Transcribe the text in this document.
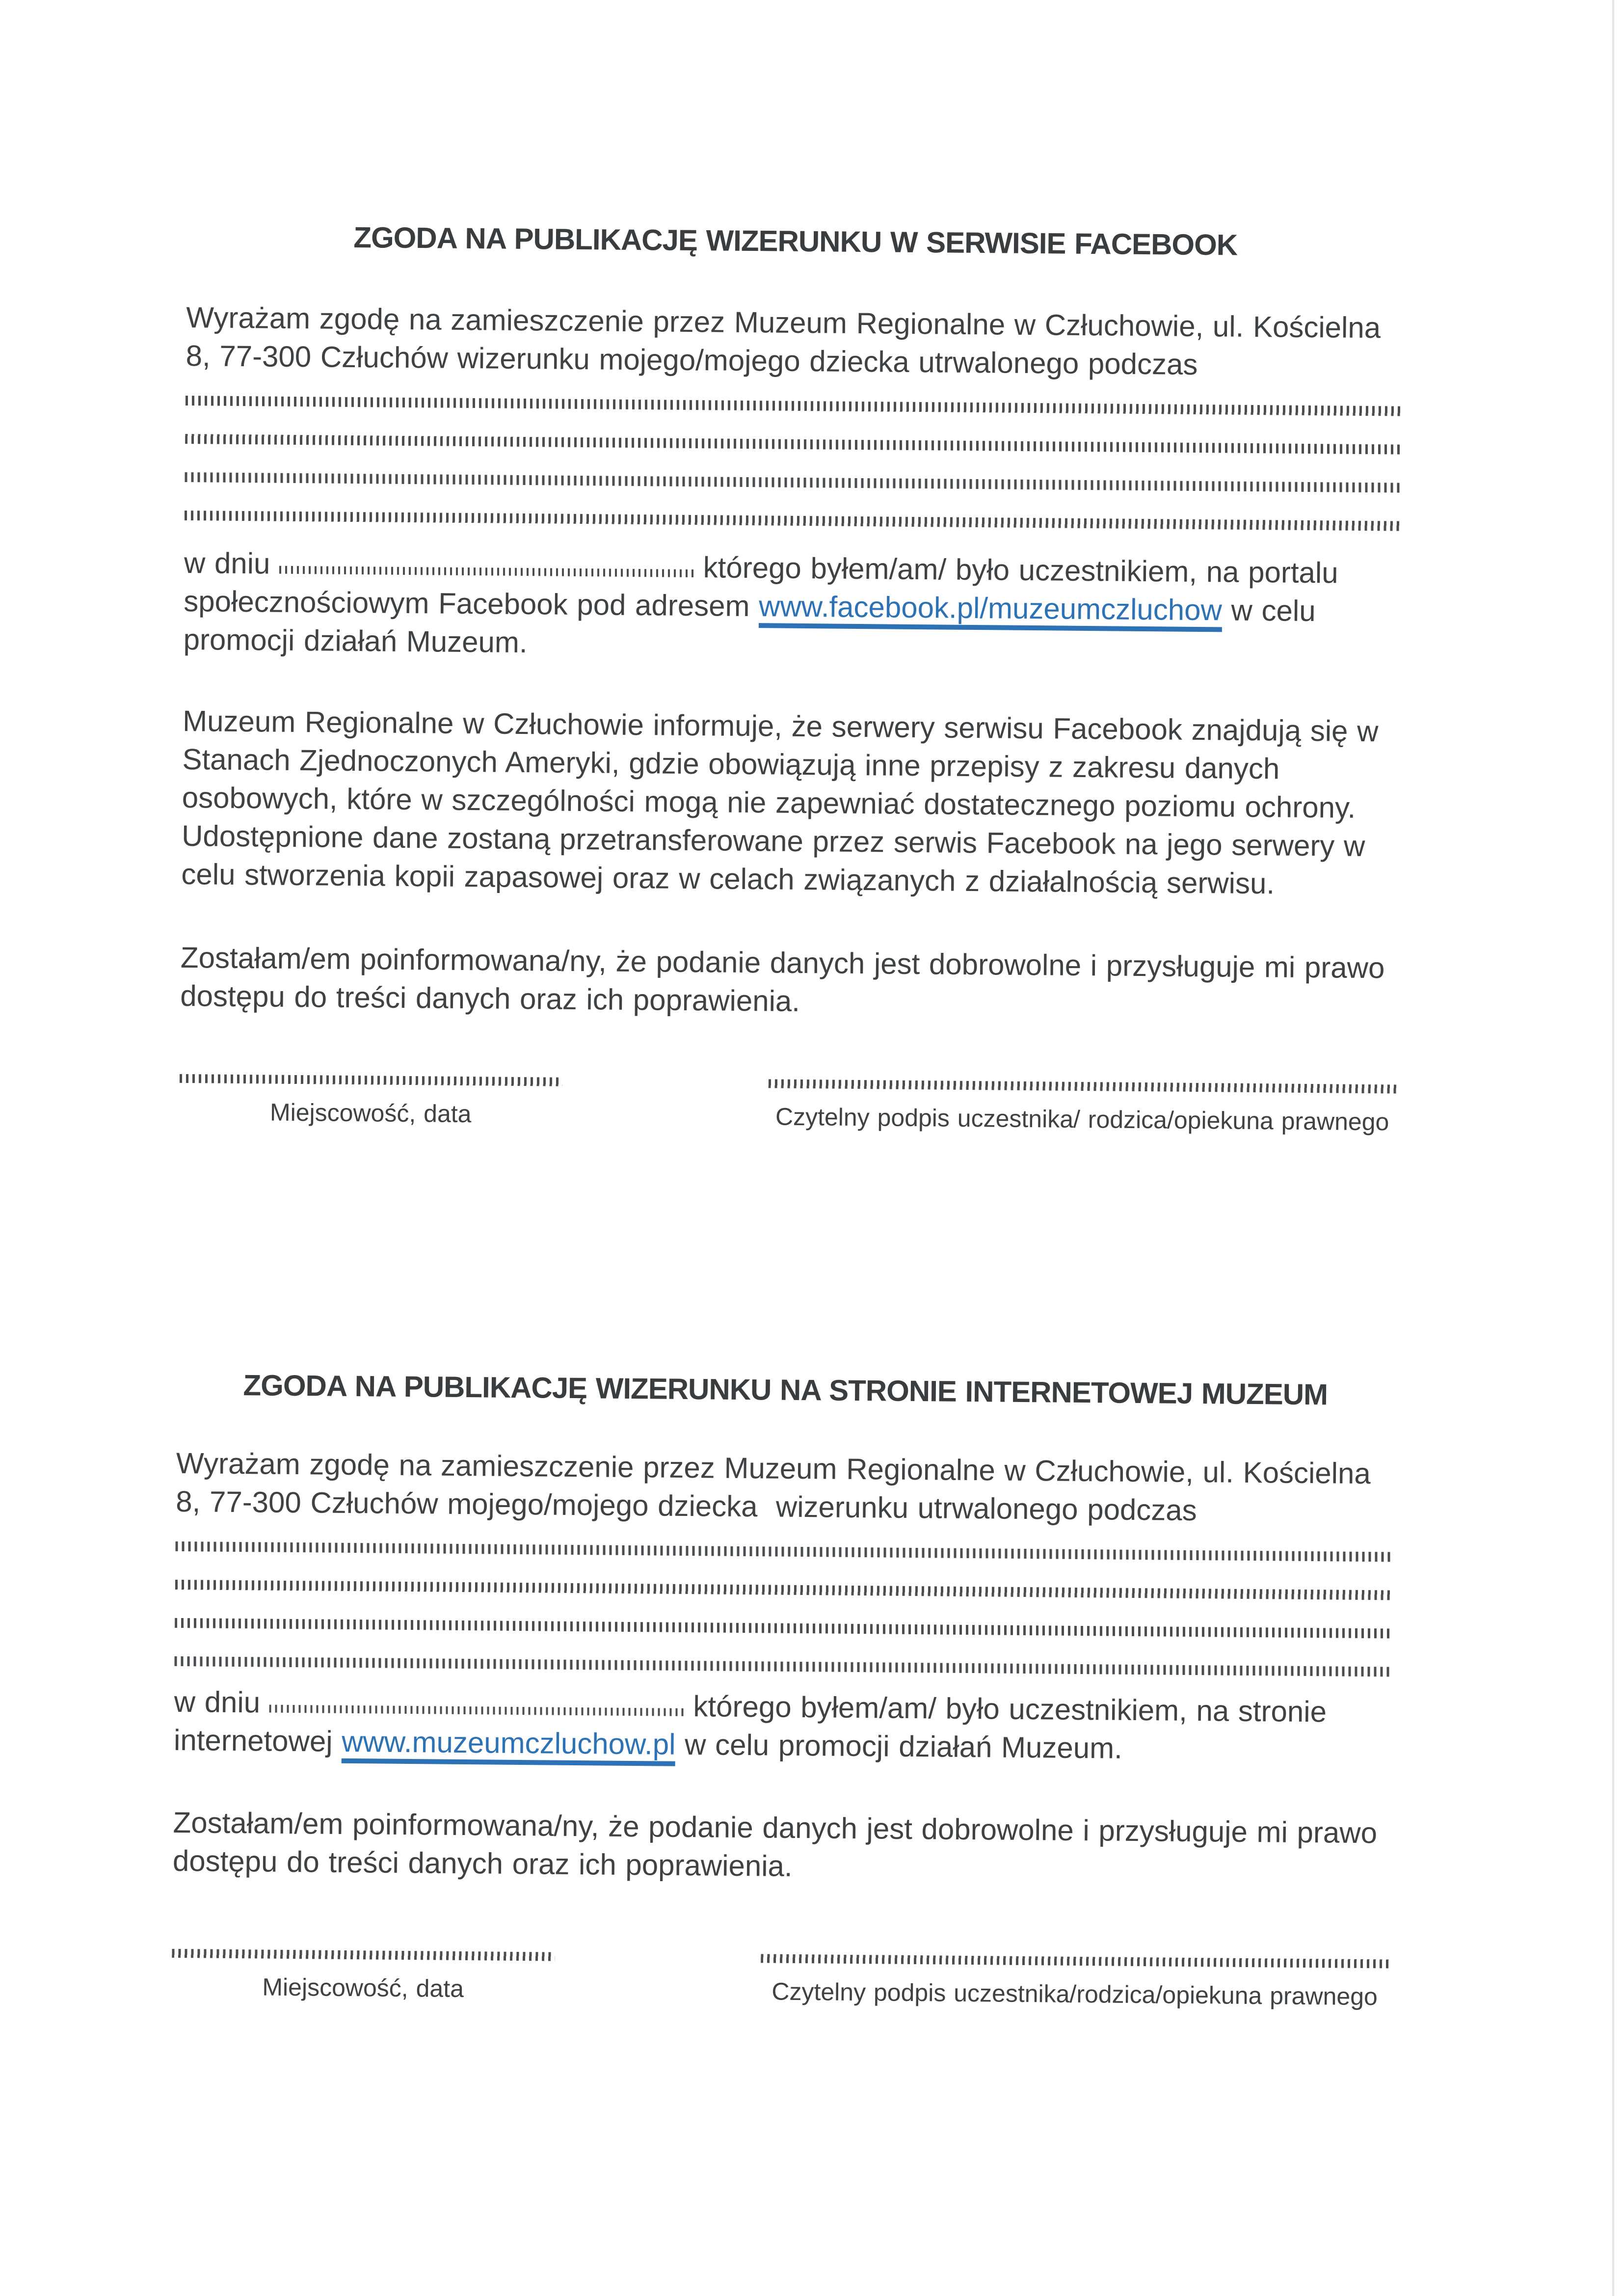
ZGODA NA PUBLIKACJĘ WIZERUNKU W SERWISIE FACEBOOK

Wyrażam zgodę na zamieszczenie przez Muzeum Regionalne w Człuchowie, ul. Kościelna 8, 77-300 Człuchów wizerunku mojego/mojego dziecka utrwalonego podczas

w dniu	którego byłem/am/ było uczestnikiem, na portalu społecznościowym Facebook pod adresem www.facebook.pl/muzeumczluchow w celu
promocji działań Muzeum.

Muzeum Regionalne w Człuchowie informuje, że serwery serwisu Facebook znajdują się w Stanach Zjednoczonych Ameryki, gdzie obowiązują inne przepisy z zakresu danych osobowych, które w szczególności mogą nie zapewniać dostatecznego poziomu ochrony. Udostępnione dane zostaną przetransferowane przez serwis Facebook na jego serwery w celu stworzenia kopii zapasowej oraz w celach związanych z działalnością serwisu.

Zostałam/em poinformowana/ny, że podanie danych jest dobrowolne i przysługuje mi prawo dostępu do treści danych oraz ich poprawienia.

Miejscowość, data	Czytelny podpis uczestnika/ rodzica/opiekuna prawnego
ZGODA NA PUBLIKACJĘ WIZERUNKU NA STRONIE INTERNETOWEJ MUZEUM

Wyrażam zgodę na zamieszczenie przez Muzeum Regionalne w Człuchowie, ul. Kościelna 8, 77-300 Człuchów mojego/mojego dziecka  wizerunku utrwalonego podczas

w dniu	którego byłem/am/ było uczestnikiem, na stronie internetowej www.muzeumczluchow.pl w celu promocji działań Muzeum.

Zostałam/em poinformowana/ny, że podanie danych jest dobrowolne i przysługuje mi prawo dostępu do treści danych oraz ich poprawienia.

Miejscowość, data	Czytelny podpis uczestnika/rodzica/opiekuna prawnego
